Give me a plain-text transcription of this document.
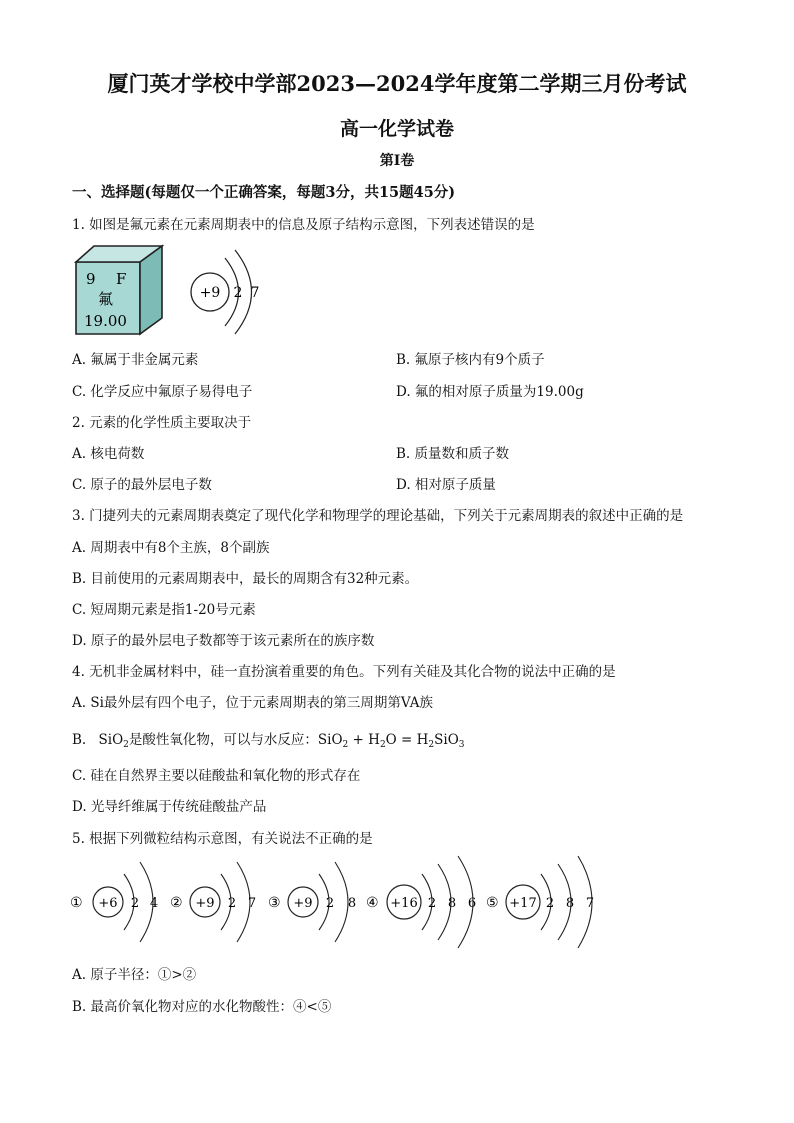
厦门英才学校中学部2023—2024学年度第二学期三月份考试
高一化学试卷
第I卷
一、选择题(每题仅一个正确答案，每题3分，共15题45分)
1. 如图是氟元素在元素周期表中的信息及原子结构示意图，下列表述错误的是
9 F
氟
19.00
+9 2 7
A. 氟属于非金属元素	B. 氟原子核内有9个质子
C. 化学反应中氟原子易得电子	D. 氟的相对原子质量为19.00g
2. 元素的化学性质主要取决于
A. 核电荷数	B. 质量数和质子数
C. 原子的最外层电子数	D. 相对原子质量
3. 门捷列夫的元素周期表奠定了现代化学和物理学的理论基础，下列关于元素周期表的叙述中正确的是
A. 周期表中有8个主族，8个副族
B. 目前使用的元素周期表中，最长的周期含有32种元素。
C. 短周期元素是指1-20号元素
D. 原子的最外层电子数都等于该元素所在的族序数
4. 无机非金属材料中，硅一直扮演着重要的角色。下列有关硅及其化合物的说法中正确的是
A. Si最外层有四个电子，位于元素周期表的第三周期第VA族
B. SiO$_2$是酸性氧化物，可以与水反应：$SiO_2 + H_2O = H_2SiO_3$
C. 硅在自然界主要以硅酸盐和氧化物的形式存在
D. 光导纤维属于传统硅酸盐产品
5. 根据下列微粒结构示意图，有关说法不正确的是
① +6 2 4 ② +9 2 7 ③ +9 2 8 ④ +16 2 8 6 ⑤ +17 2 8 7
A. 原子半径：①>②
B. 最高价氧化物对应的水化物酸性：④<⑤
